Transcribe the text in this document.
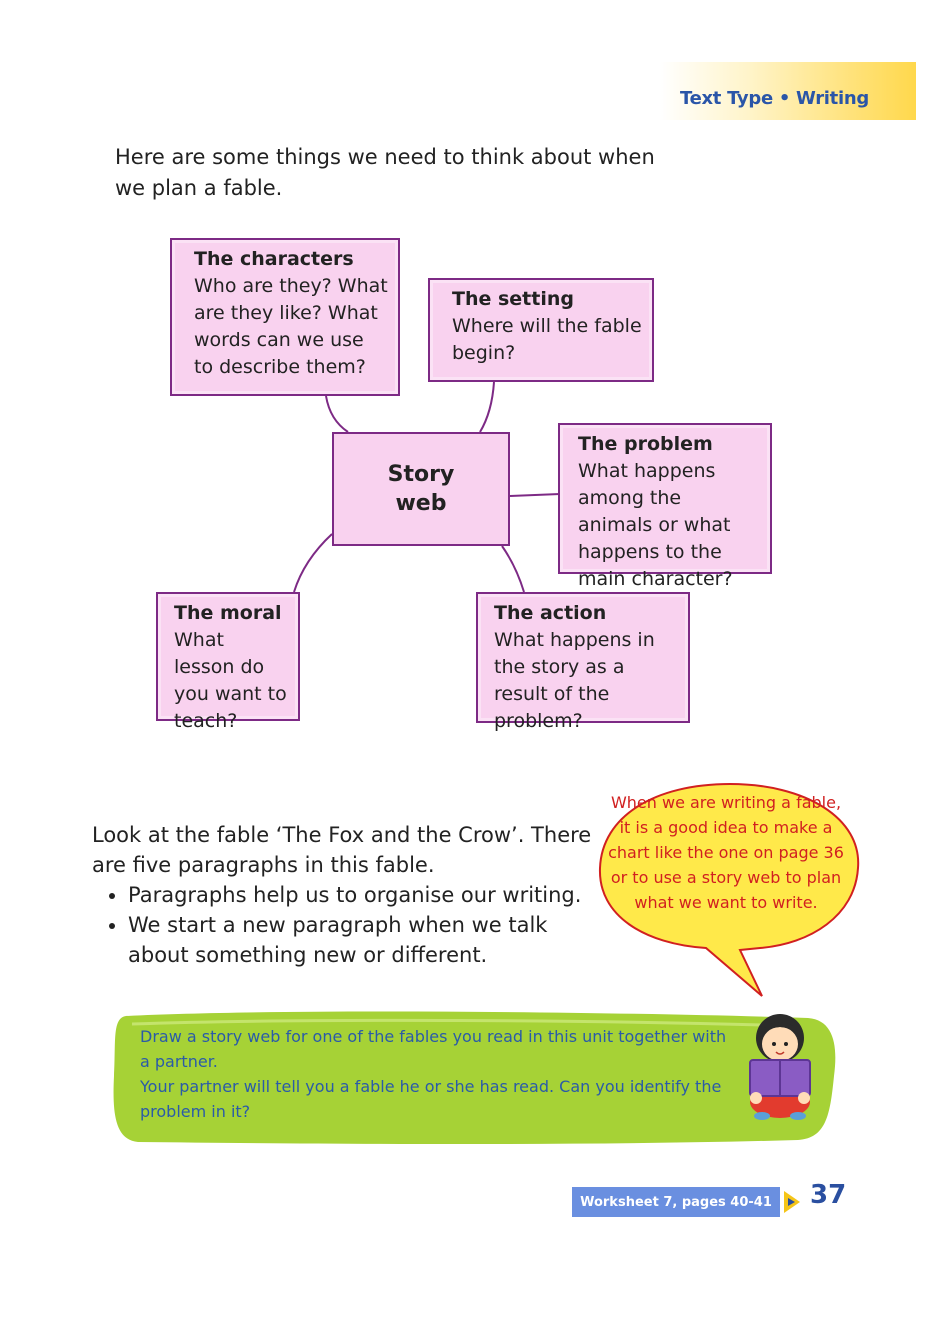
Text Type • Writing
Here are some things we need to think about when we plan a fable.
The characters
Who are they? What are they like? What words can we use to describe them?
The setting
Where will the fable begin?
Story
web
The problem
What happens among the animals or what happens to the main character?
The moral
What lesson do you want to teach?
The action
What happens in the story as a result of the problem?
Look at the fable ‘The Fox and the Crow’. There are five paragraphs in this fable.
• Paragraphs help us to organise our writing.
• We start a new paragraph when we talk about something new or different.
When we are writing a fable, it is a good idea to make a chart like the one on page 36 or to use a story web to plan what we want to write.
Draw a story web for one of the fables you read in this unit together with a partner.
Your partner will tell you a fable he or she has read. Can you identify the problem in it?
Worksheet 7, pages 40-41	37
